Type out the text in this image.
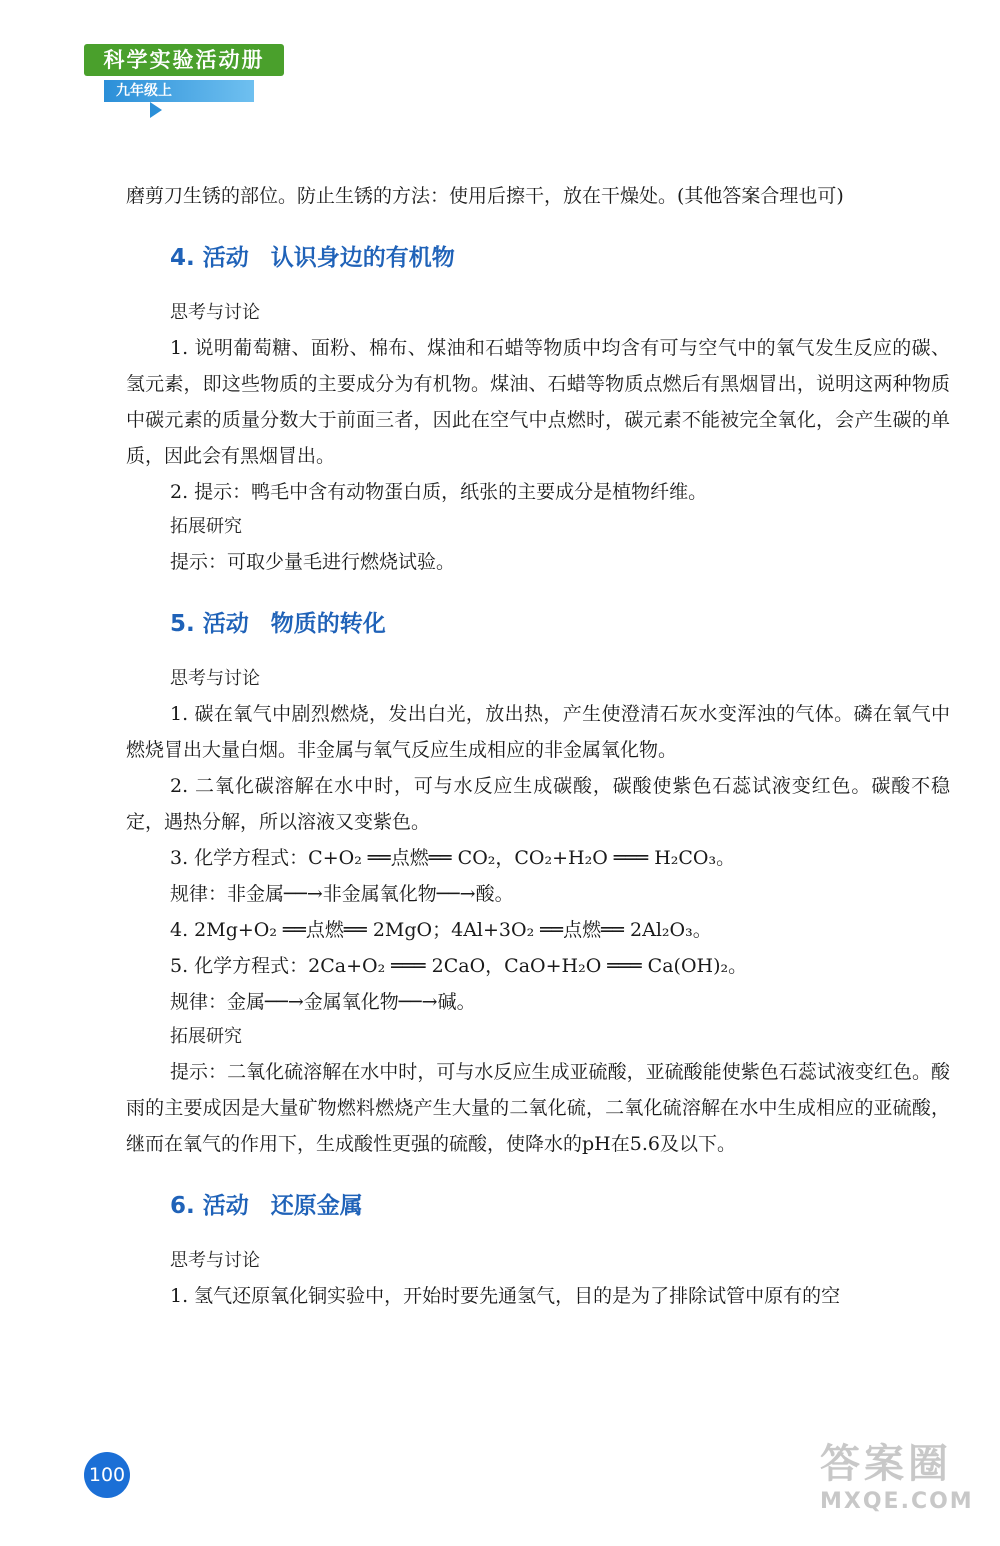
科学实验活动册
九年级上

磨剪刀生锈的部位。防止生锈的方法：使用后擦干，放在干燥处。(其他答案合理也可)

4. 活动 认识身边的有机物

思考与讨论

1. 说明葡萄糖、面粉、棉布、煤油和石蜡等物质中均含有可与空气中的氧气发生反应的碳、氢元素，即这些物质的主要成分为有机物。煤油、石蜡等物质点燃后有黑烟冒出，说明这两种物质中碳元素的质量分数大于前面三者，因此在空气中点燃时，碳元素不能被完全氧化，会产生碳的单质，因此会有黑烟冒出。

2. 提示：鸭毛中含有动物蛋白质，纸张的主要成分是植物纤维。

拓展研究

提示：可取少量毛进行燃烧试验。

5. 活动 物质的转化

思考与讨论

1. 碳在氧气中剧烈燃烧，发出白光，放出热，产生使澄清石灰水变浑浊的气体。磷在氧气中燃烧冒出大量白烟。非金属与氧气反应生成相应的非金属氧化物。

2. 二氧化碳溶解在水中时，可与水反应生成碳酸，碳酸使紫色石蕊试液变红色。碳酸不稳定，遇热分解，所以溶液又变紫色。

3. 化学方程式：C+O₂ ══点燃══ CO₂，CO₂+H₂O ═══ H₂CO₃。

规律：非金属──→非金属氧化物──→酸。

4. 2Mg+O₂ ══点燃══ 2MgO；4Al+3O₂ ══点燃══ 2Al₂O₃。

5. 化学方程式：2Ca+O₂ ═══ 2CaO，CaO+H₂O ═══ Ca(OH)₂。

规律：金属──→金属氧化物──→碱。

拓展研究

提示：二氧化硫溶解在水中时，可与水反应生成亚硫酸，亚硫酸能使紫色石蕊试液变红色。酸雨的主要成因是大量矿物燃料燃烧产生大量的二氧化硫，二氧化硫溶解在水中生成相应的亚硫酸，继而在氧气的作用下，生成酸性更强的硫酸，使降水的pH在5.6及以下。

6. 活动 还原金属

思考与讨论

1. 氢气还原氧化铜实验中，开始时要先通氢气，目的是为了排除试管中原有的空

100	答案圈
MXQE.COM
